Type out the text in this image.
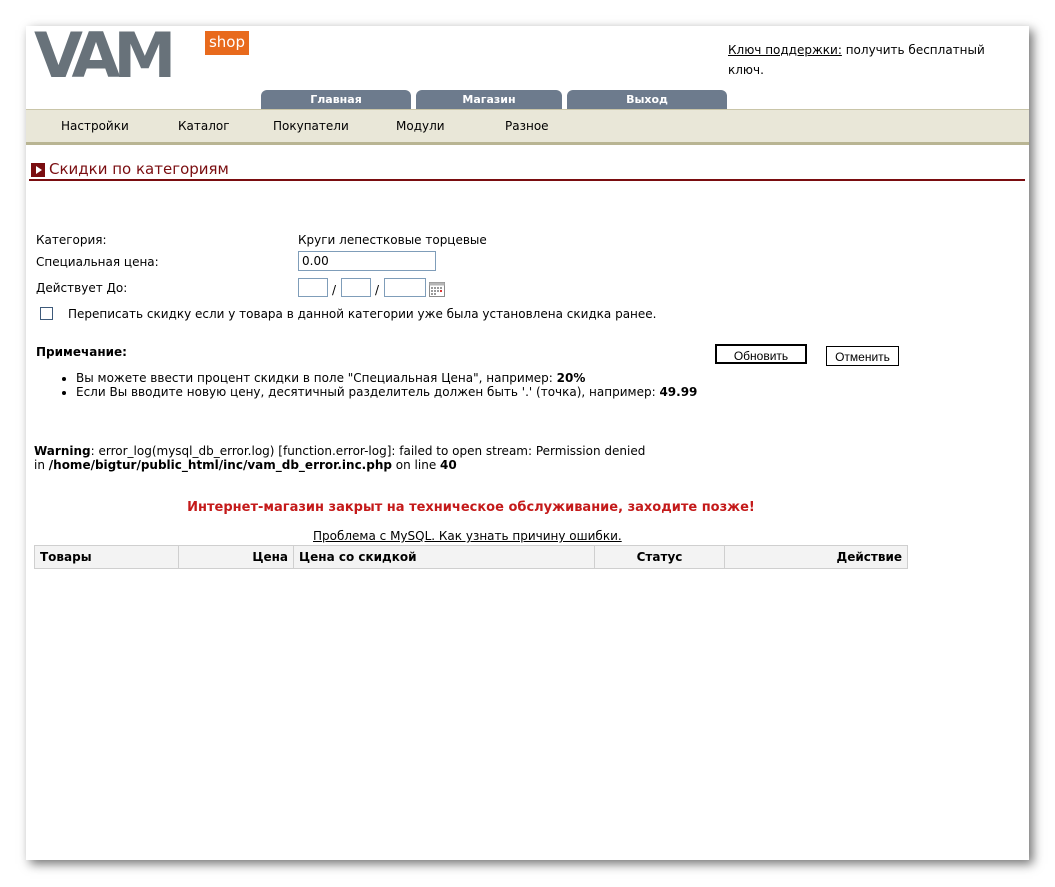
VAM	shop	Ключ поддержки: получить бесплатный ключ.
Главная	Магазин	Выход
Настройки	Каталог	Покупатели	Модули	Разное
Скидки по категориям
Категория:	Круги лепестковые торцевые
Специальная цена:	0.00
Действует До:	/	/
Переписать скидку если у товара в данной категории уже была установлена скидка ранее.
Примечание:	Обновить	Отменить
• Вы можете ввести процент скидки в поле "Специальная Цена", например: 20%
• Если Вы вводите новую цену, десятичный разделитель должен быть '.' (точка), например: 49.99
Warning: error_log(mysql_db_error.log) [function.error-log]: failed to open stream: Permission denied
in /home/bigtur/public_html/inc/vam_db_error.inc.php on line 40
Интернет-магазин закрыт на техническое обслуживание, заходите позже!
Проблема с MySQL. Как узнать причину ошибки.
Товары	Цена	Цена со скидкой	Статус	Действие
